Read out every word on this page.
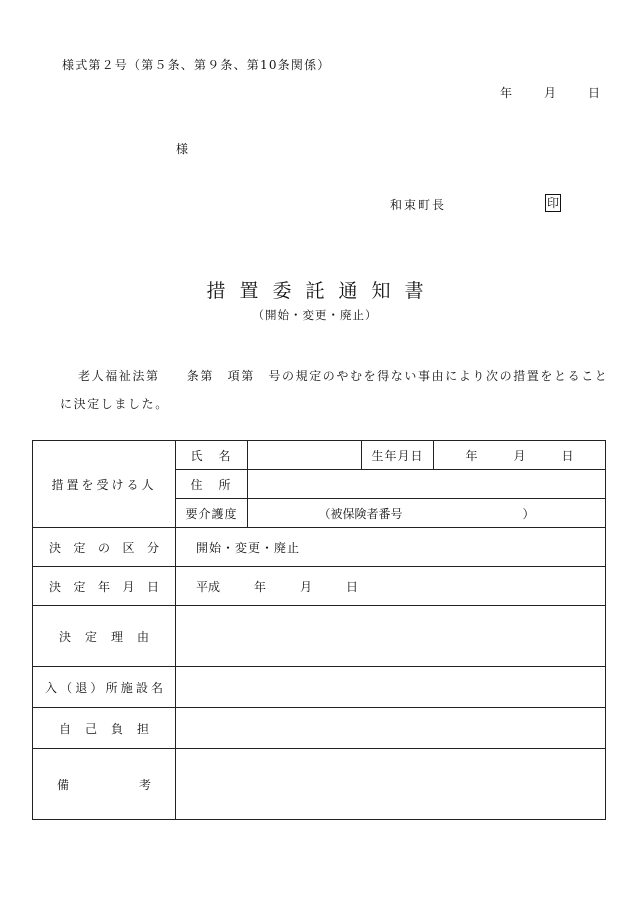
様式第２号（第５条、第９条、第10条関係）
年	月	日
様
和束町長	印
措置委託通知書
（開始・変更・廃止）
老人福祉法第　　条第　項第　号の規定のやむを得ない事由により次の措置をとることに決定しました。
措置を受ける人	氏　名		生年月日	年 月 日
	住　所			
	要介護度	（被保険者番号　　　　　　　　　　）		
決定の区分	開始・変更・廃止			
決定年月日	平成 年 月 日			
決定理由				
入（退）所施設名				
自己負担				
備考				
